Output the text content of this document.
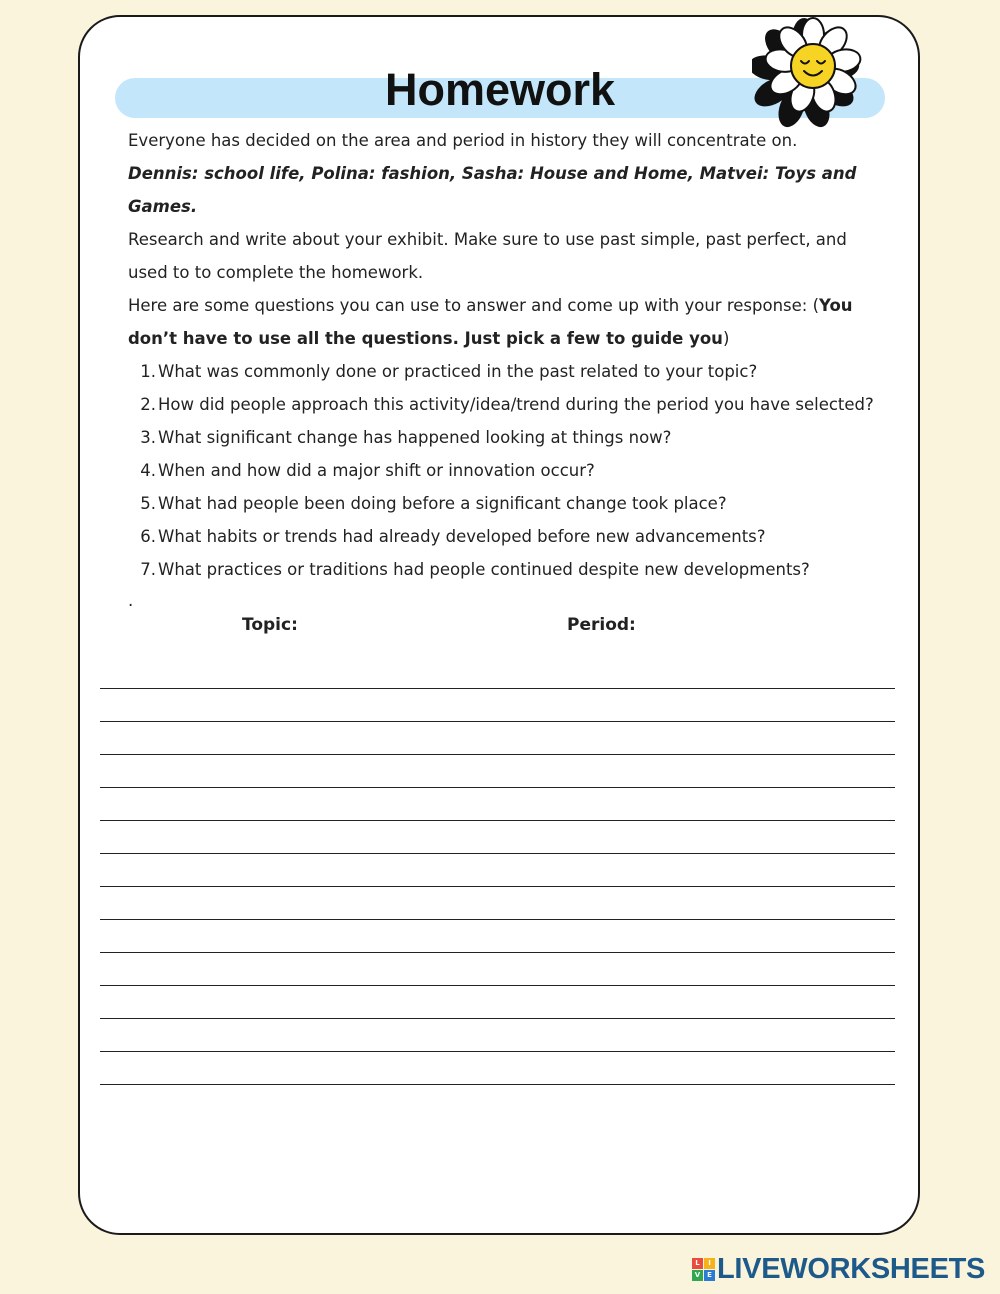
Homework

Everyone has decided on the area and period in history they will concentrate on.

Dennis: school life, Polina: fashion, Sasha: House and Home, Matvei: Toys and Games.

Research and write about your exhibit. Make sure to use past simple, past perfect, and used to to complete the homework.

Here are some questions you can use to answer and come up with your response: (You don’t have to use all the questions. Just pick a few to guide you)

1. What was commonly done or practiced in the past related to your topic?
2. How did people approach this activity/idea/trend during the period you have selected?
3. What significant change has happened looking at things now?
4. When and how did a major shift or innovation occur?
5. What had people been doing before a significant change took place?
6. What habits or trends had already developed before new advancements?
7. What practices or traditions had people continued despite new developments?

.

Topic:	Period:
L	I
V E LIVEWORKSHEETS
